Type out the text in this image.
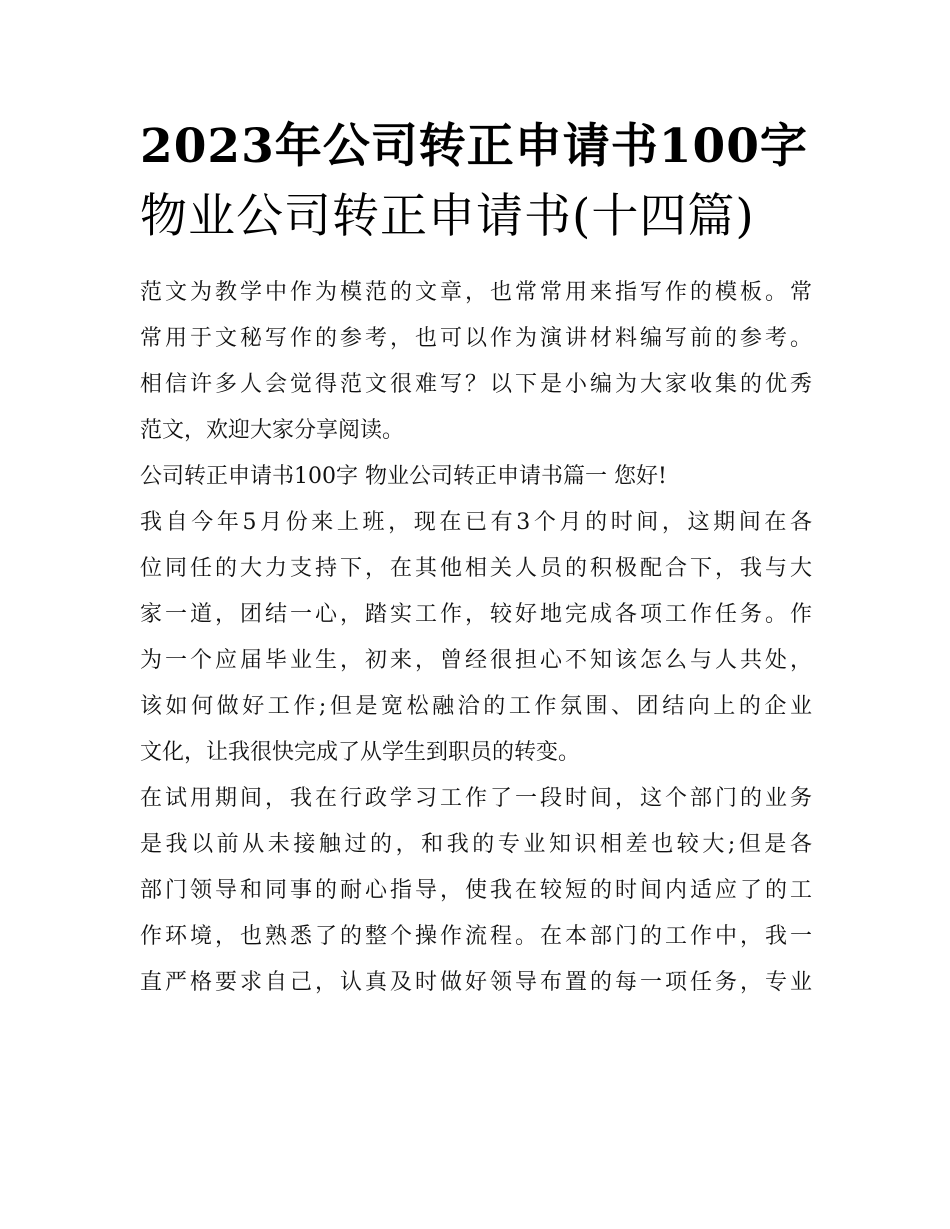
2023年公司转正申请书100字
物业公司转正申请书(十四篇)
范文为教学中作为模范的文章，也常常用来指写作的模板。常
常用于文秘写作的参考，也可以作为演讲材料编写前的参考。
相信许多人会觉得范文很难写？以下是小编为大家收集的优秀
范文，欢迎大家分享阅读。
公司转正申请书100字 物业公司转正申请书篇一 您好!
我自今年5月份来上班，现在已有3个月的时间，这期间在各
位同任的大力支持下，在其他相关人员的积极配合下，我与大
家一道，团结一心，踏实工作，较好地完成各项工作任务。作
为一个应届毕业生，初来，曾经很担心不知该怎么与人共处，
该如何做好工作;但是宽松融洽的工作氛围、团结向上的企业
文化，让我很快完成了从学生到职员的转变。
在试用期间，我在行政学习工作了一段时间，这个部门的业务
是我以前从未接触过的，和我的专业知识相差也较大;但是各
部门领导和同事的耐心指导，使我在较短的时间内适应了的工
作环境，也熟悉了的整个操作流程。在本部门的工作中，我一
直严格要求自己，认真及时做好领导布置的每一项任务，专业
